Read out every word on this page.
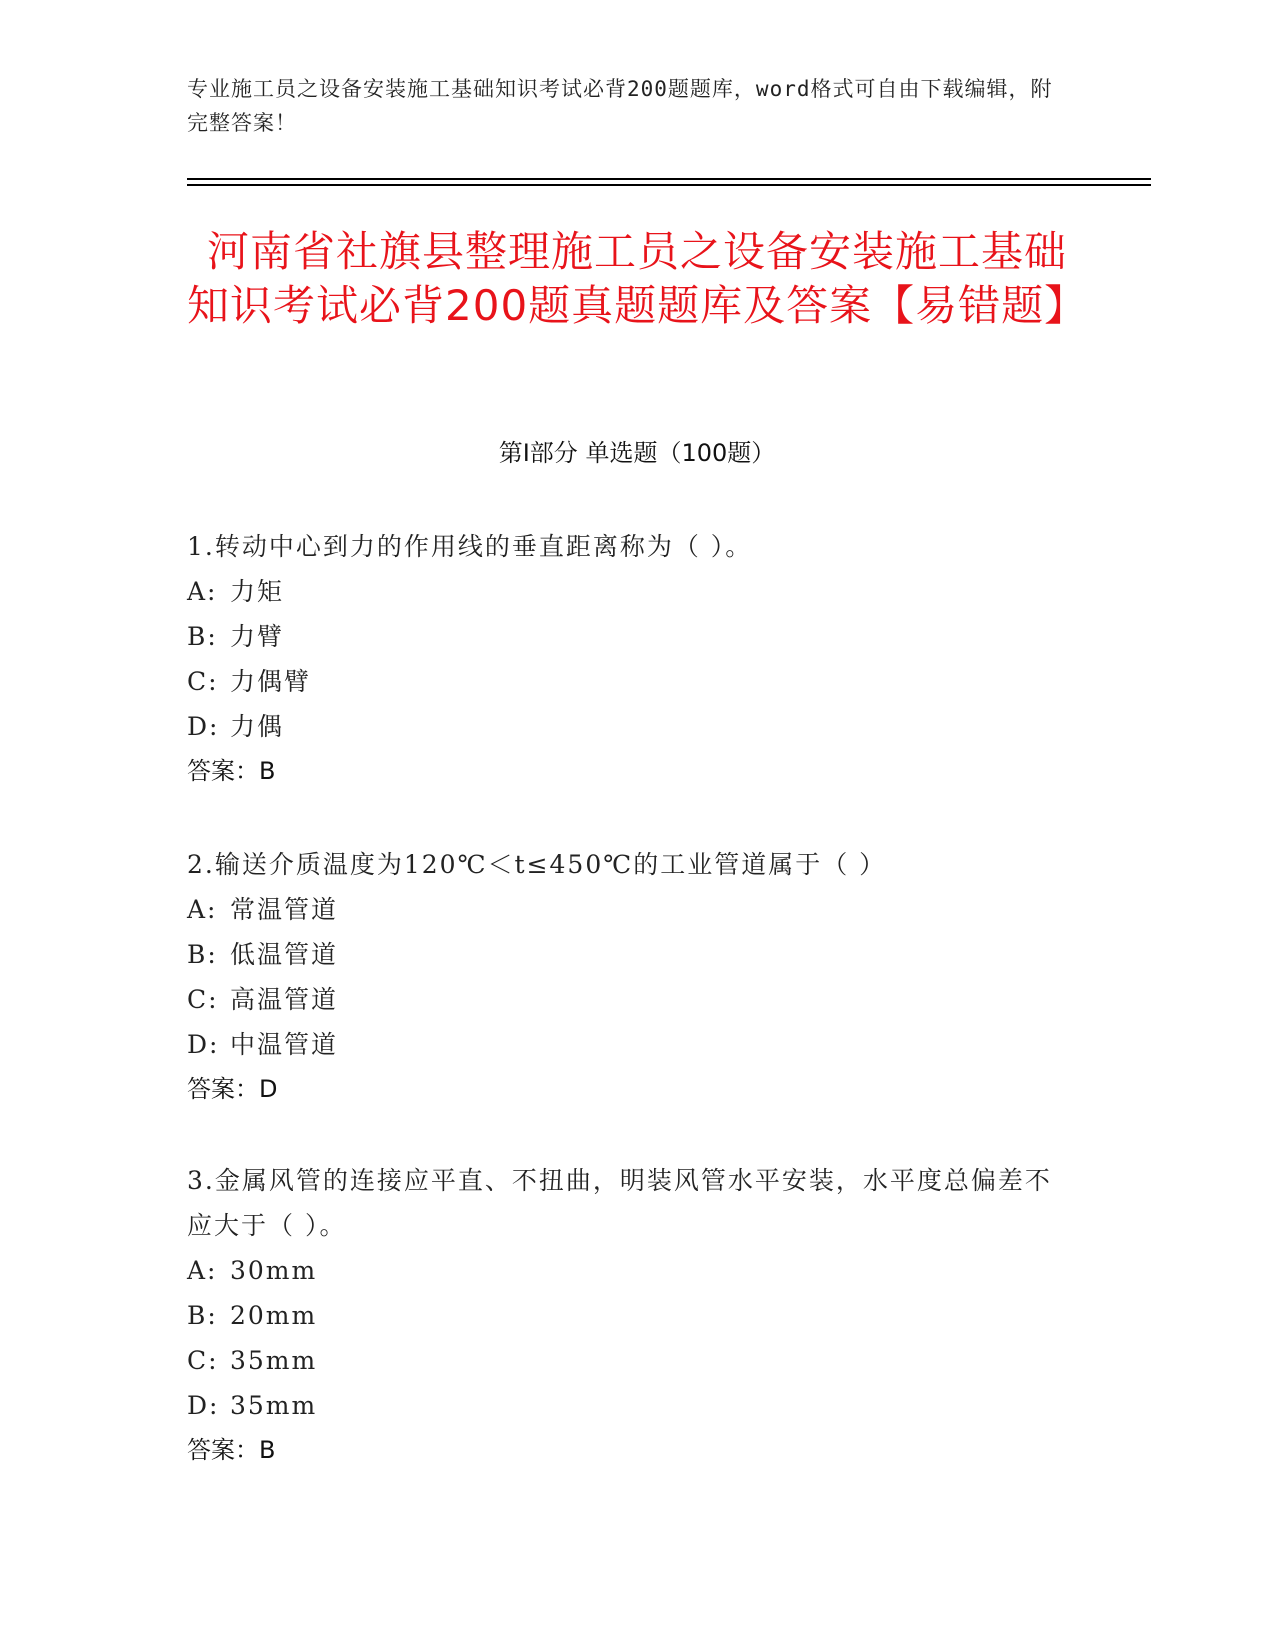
专业施工员之设备安装施工基础知识考试必背200题题库，word格式可自由下载编辑，附完整答案！

河南省社旗县整理施工员之设备安装施工基础知识考试必背200题真题题库及答案【易错题】
第Ⅰ部分 单选题（100题）

1.转动中心到力的作用线的垂直距离称为（ ）。

A: 力矩

B: 力臂

C: 力偶臂

D: 力偶

答案：B

2.输送介质温度为120℃＜t≤450℃的工业管道属于（ ）

A: 常温管道

B: 低温管道

C: 高温管道

D: 中温管道

答案：D

3.金属风管的连接应平直、不扭曲，明装风管水平安装，水平度总偏差不应大于（ ）。

A: 30mm

B: 20mm

C: 35mm

D: 35mm

答案：B
